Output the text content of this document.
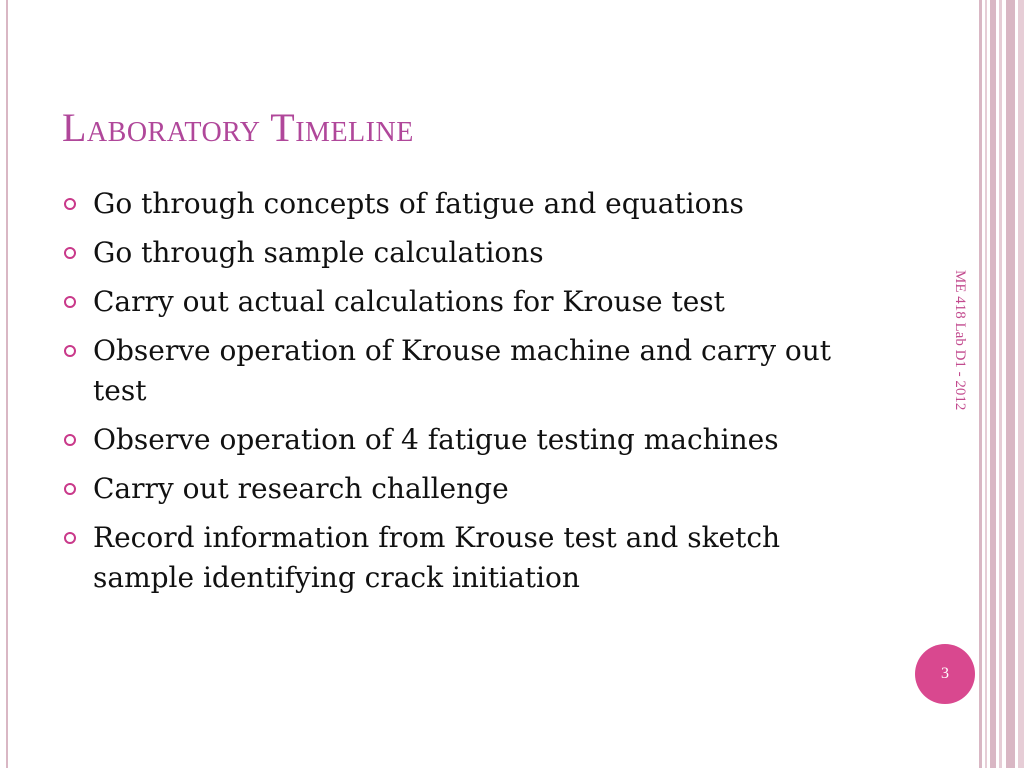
Laboratory Timeline
Go through concepts of fatigue and equations
Go through sample calculations
Carry out actual calculations for Krouse test
Observe operation of Krouse machine and carry out test
Observe operation of 4 fatigue testing machines
Carry out research challenge
Record information from Krouse test and sketch sample identifying crack initiation
ME 418 Lab D1 - 2012
3
